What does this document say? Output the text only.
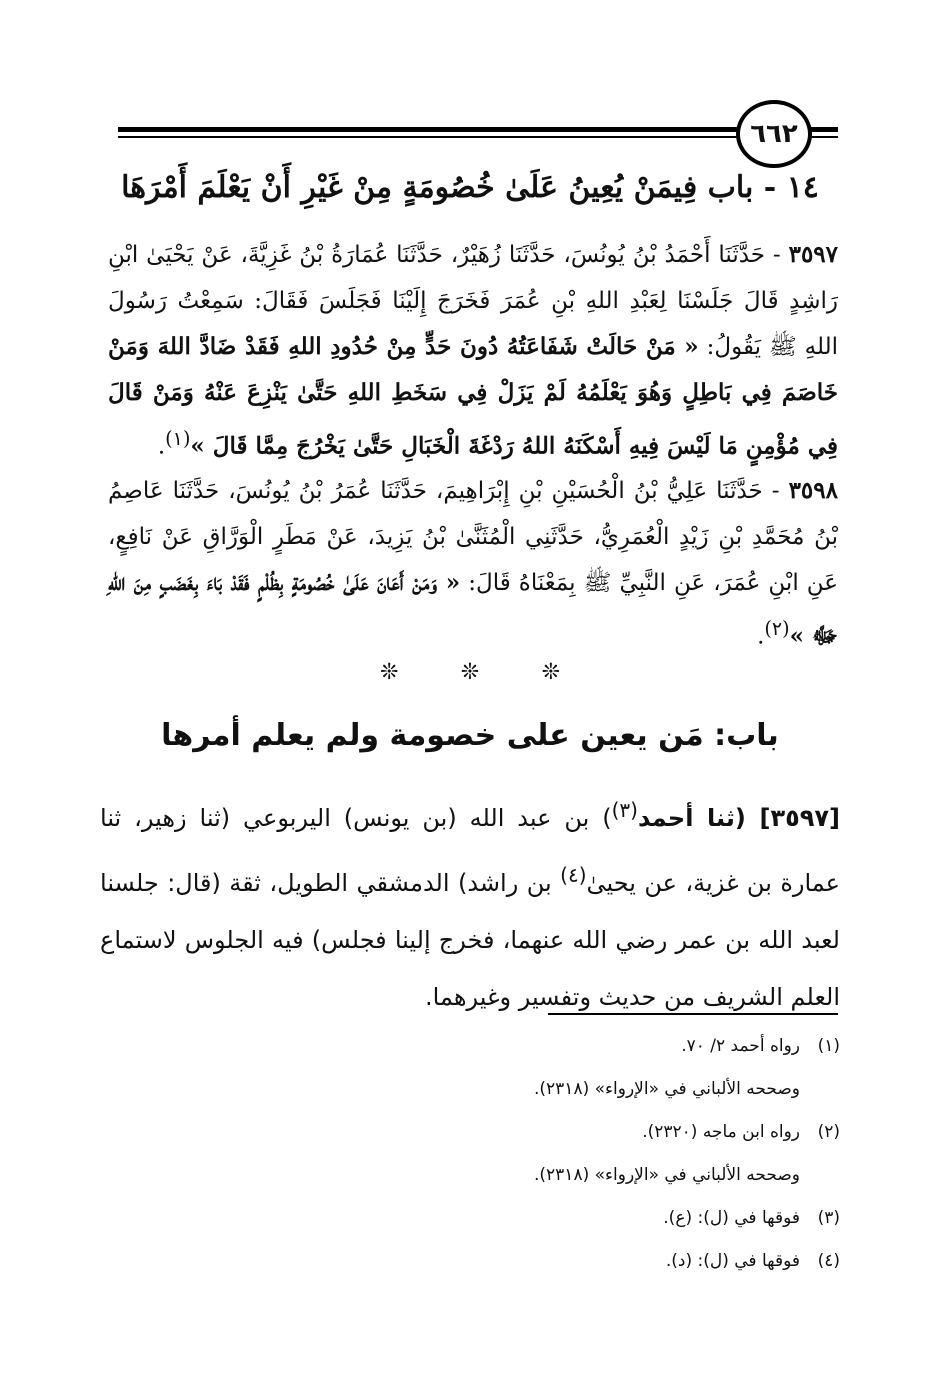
٦٦٢
١٤ - باب فِيمَنْ يُعِينُ عَلَىٰ خُصُومَةٍ مِنْ غَيْرِ أَنْ يَعْلَمَ أَمْرَهَا
٣٥٩٧ - حَدَّثَنَا أَحْمَدُ بْنُ يُونُسَ، حَدَّثَنَا زُهَيْرٌ، حَدَّثَنَا عُمَارَةُ بْنُ غَزِيَّةَ، عَنْ يَحْيَىٰ ابْنِ رَاشِدٍ قَالَ جَلَسْنَا لِعَبْدِ اللهِ بْنِ عُمَرَ فَخَرَجَ إِلَيْنَا فَجَلَسَ فَقَالَ: سَمِعْتُ رَسُولَ اللهِ ﷺ يَقُولُ: « مَنْ حَالَتْ شَفَاعَتُهُ دُونَ حَدٍّ مِنْ حُدُودِ اللهِ فَقَدْ ضَادَّ اللهَ وَمَنْ خَاصَمَ فِي بَاطِلٍ وَهُوَ يَعْلَمُهُ لَمْ يَزَلْ فِي سَخَطِ اللهِ حَتَّىٰ يَنْزِعَ عَنْهُ وَمَنْ قَالَ فِي مُؤْمِنٍ مَا لَيْسَ فِيهِ أَسْكَنَهُ اللهُ رَدْغَةَ الْخَبَالِ حَتَّىٰ يَخْرُجَ مِمَّا قَالَ »$^{(١)}$.
٣٥٩٨ - حَدَّثَنَا عَلِيُّ بْنُ الْحُسَيْنِ بْنِ إِبْرَاهِيمَ، حَدَّثَنَا عُمَرُ بْنُ يُونُسَ، حَدَّثَنَا عَاصِمُ بْنُ مُحَمَّدِ بْنِ زَيْدٍ الْعُمَرِيُّ، حَدَّثَنِي الْمُثَنَّىٰ بْنُ يَزِيدَ، عَنْ مَطَرٍ الْوَرَّاقِ عَنْ نَافِعٍ، عَنِ ابْنِ عُمَرَ، عَنِ النَّبِيِّ ﷺ بِمَعْنَاهُ قَالَ: « وَمَنْ أَعَانَ عَلَىٰ خُصُومَةٍ بِظُلْمٍ فَقَدْ بَاءَ بِغَضَبٍ مِنَ اللهِ ﷻ »$^{(٢)}$.
❊	❊	❊
باب: مَن يعين على خصومة ولم يعلم أمرها
[٣٥٩٧] (ثنا أحمد$^{(٣)}$) بن عبد الله (بن يونس) اليربوعي (ثنا زهير، ثنا عمارة بن غزية، عن يحيىٰ$^{(٤)}$ بن راشد) الدمشقي الطويل، ثقة (قال: جلسنا لعبد الله بن عمر رضي الله عنهما، فخرج إلينا فجلس) فيه الجلوس لاستماع العلم الشريف من حديث وتفسير وغيرهما.
(١)
رواه أحمد ٢/ ٧٠.
وصححه الألباني في «الإرواء» (٢٣١٨).
(٢)
رواه ابن ماجه (٢٣٢٠).
وصححه الألباني في «الإرواء» (٢٣١٨).
(٣)
فوقها في (ل): (ع).
(٤)
فوقها في (ل): (د).
